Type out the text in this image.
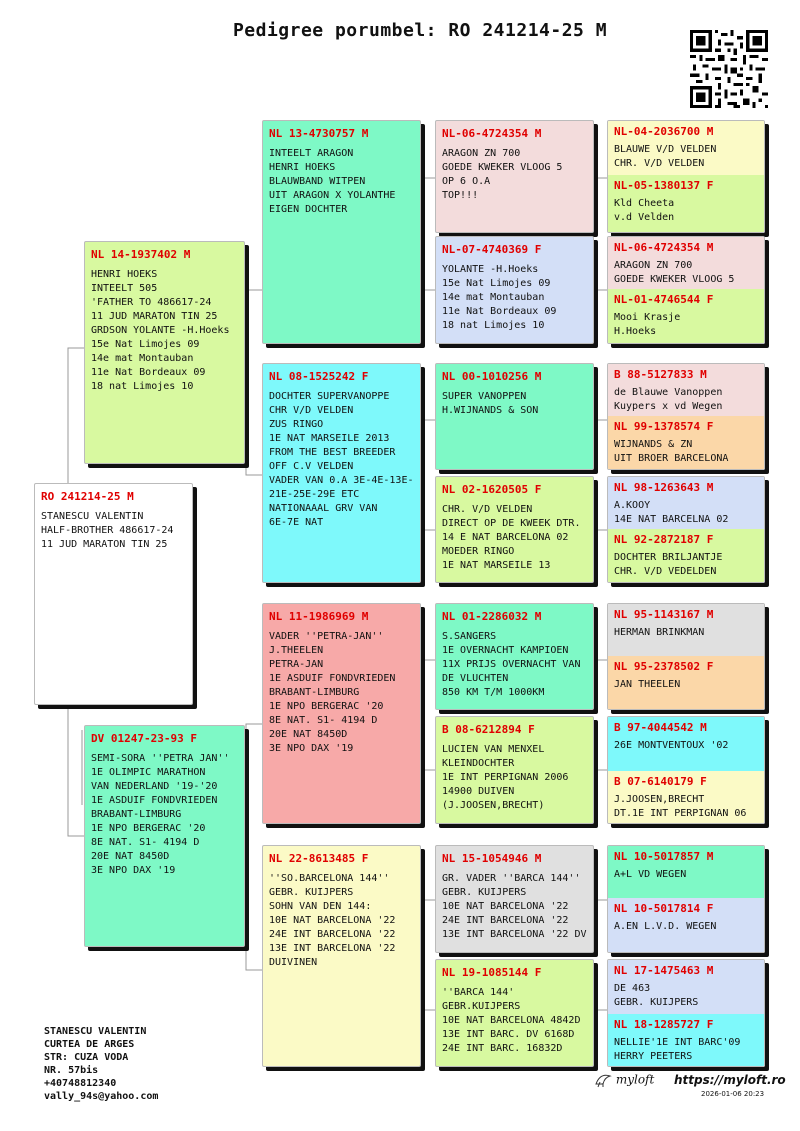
Pedigree porumbel: RO 241214-25 M
RO 241214-25 M
STANESCU VALENTIN
HALF-BROTHER 486617-24
11 JUD MARATON TIN 25
NL 14-1937402 M
HENRI HOEKS
INTEELT 505
'FATHER TO 486617-24
11 JUD MARATON TIN 25
GRDSON YOLANTE -H.Hoeks
15e Nat Limojes 09
14e mat Montauban
11e Nat Bordeaux 09
18 nat Limojes 10
DV 01247-23-93 F
SEMI-SORA ''PETRA JAN''
1E OLIMPIC MARATHON
VAN NEDERLAND '19-'20
1E ASDUIF FONDVRIEDEN
BRABANT-LIMBURG
1E NPO BERGERAC '20
8E NAT. S1- 4194 D
20E NAT 8450D
3E NPO DAX '19
NL 13-4730757 M
INTEELT ARAGON
HENRI HOEKS
BLAUWBAND WITPEN
UIT ARAGON X YOLANTHE
EIGEN DOCHTER
NL 08-1525242 F
DOCHTER SUPERVANOPPE
CHR V/D VELDEN
ZUS RINGO
1E NAT MARSEILE 2013
FROM THE BEST BREEDER
OFF C.V VELDEN
VADER VAN 0.A 3E-4E-13E-
21E-25E-29E ETC
NATIONAAAL GRV VAN
6E-7E NAT
NL 11-1986969 M
VADER ''PETRA-JAN''
J.THEELEN
PETRA-JAN
1E ASDUIF FONDVRIEDEN
BRABANT-LIMBURG
1E NPO BERGERAC '20
8E NAT. S1- 4194 D
20E NAT 8450D
3E NPO DAX '19
NL 22-8613485 F
''SO.BARCELONA 144''
GEBR. KUIJPERS
SOHN VAN DEN 144:
10E NAT BARCELONA '22
24E INT BARCELONA '22
13E INT BARCELONA '22
DUIVINEN
NL-06-4724354 M
ARAGON ZN 700
GOEDE KWEKER VLOOG 5
OP 6 O.A
TOP!!!
NL-07-4740369 F
YOLANTE -H.Hoeks
15e Nat Limojes 09
14e mat Montauban
11e Nat Bordeaux 09
18 nat Limojes 10
NL 00-1010256 M
SUPER VANOPPEN
H.WIJNANDS & SON
NL 02-1620505 F
CHR. V/D VELDEN
DIRECT OP DE KWEEK DTR.
14 E NAT BARCELONA 02
MOEDER RINGO
1E NAT MARSEILE 13
NL 01-2286032 M
S.SANGERS
1E OVERNACHT KAMPIOEN
11X PRIJS OVERNACHT VAN
DE VLUCHTEN
850 KM T/M 1000KM
B 08-6212894 F
LUCIEN VAN MENXEL
KLEINDOCHTER
1E INT PERPIGNAN 2006
14900 DUIVEN
(J.JOOSEN,BRECHT)
NL 15-1054946 M
GR. VADER ''BARCA 144''
GEBR. KUIJPERS
10E NAT BARCELONA '22
24E INT BARCELONA '22
13E INT BARCELONA '22 DV
NL 19-1085144 F
''BARCA 144'
GEBR.KUIJPERS
10E NAT BARCELONA 4842D
13E INT BARC. DV 6168D
24E INT BARC. 16832D
NL-04-2036700 M
BLAUWE V/D VELDEN
CHR. V/D VELDEN
NL-05-1380137 F
Kld Cheeta
v.d Velden
NL-06-4724354 M
ARAGON ZN 700
GOEDE KWEKER VLOOG 5
NL-01-4746544 F
Mooi Krasje
H.Hoeks
B 88-5127833 M
de Blauwe Vanoppen
Kuypers x vd Wegen
NL 99-1378574 F
WIJNANDS & ZN
UIT BROER BARCELONA
NL 98-1263643 M
A.KOOY
14E NAT BARCELNA 02
NL 92-2872187 F
DOCHTER BRILJANTJE
CHR. V/D VEDELDEN
NL 95-1143167 M
HERMAN BRINKMAN
NL 95-2378502 F
JAN THEELEN
B 97-4044542 M
26E MONTVENTOUX '02
B 07-6140179 F
J.JOOSEN,BRECHT
DT.1E INT PERPIGNAN 06
NL 10-5017857 M
A+L VD WEGEN
NL 10-5017814 F
A.EN L.V.D. WEGEN
NL 17-1475463 M
DE 463
GEBR. KUIJPERS
NL 18-1285727 F
NELLIE'1E INT BARC'09
HERRY PEETERS
STANESCU VALENTIN
CURTEA DE ARGES
STR: CUZA VODA
NR. 57bis
+40748812340
vally_94s@yahoo.com
myloft https://myloft.ro
2026-01-06 20:23
